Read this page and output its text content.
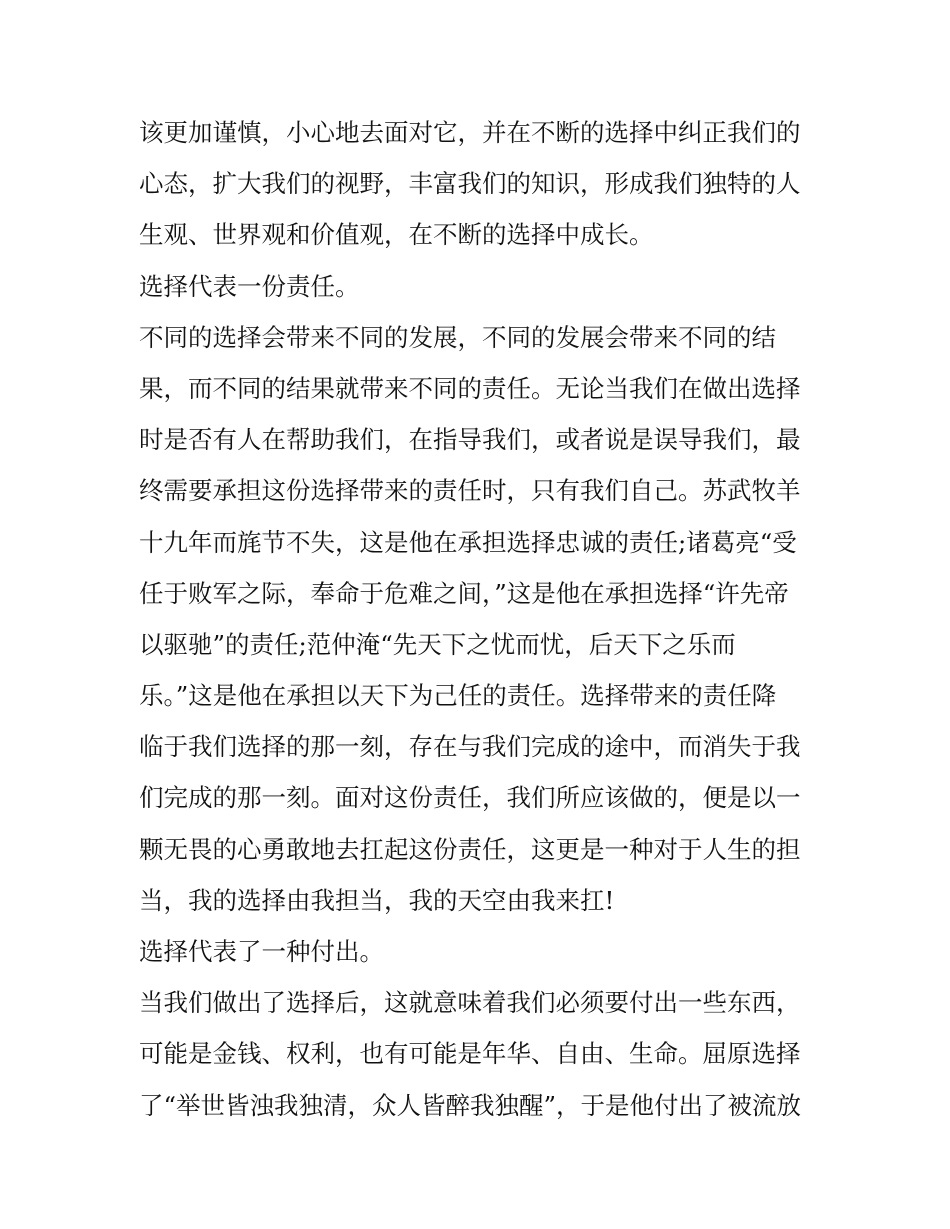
该更加谨慎，小心地去面对它，并在不断的选择中纠正我们的
心态，扩大我们的视野，丰富我们的知识，形成我们独特的人
生观、世界观和价值观，在不断的选择中成长。
选择代表一份责任。
不同的选择会带来不同的发展，不同的发展会带来不同的结
果，而不同的结果就带来不同的责任。无论当我们在做出选择
时是否有人在帮助我们，在指导我们，或者说是误导我们，最
终需要承担这份选择带来的责任时，只有我们自己。苏武牧羊
十九年而旄节不失，这是他在承担选择忠诚的责任;诸葛亮“受
任于败军之际，奉命于危难之间，”这是他在承担选择“许先帝
以驱驰”的责任;范仲淹“先天下之忧而忧，后天下之乐而
乐。”这是他在承担以天下为己任的责任。选择带来的责任降
临于我们选择的那一刻，存在与我们完成的途中，而消失于我
们完成的那一刻。面对这份责任，我们所应该做的，便是以一
颗无畏的心勇敢地去扛起这份责任，这更是一种对于人生的担
当，我的选择由我担当，我的天空由我来扛!
选择代表了一种付出。
当我们做出了选择后，这就意味着我们必须要付出一些东西，
可能是金钱、权利，也有可能是年华、自由、生命。屈原选择
了“举世皆浊我独清，众人皆醉我独醒”，于是他付出了被流放
